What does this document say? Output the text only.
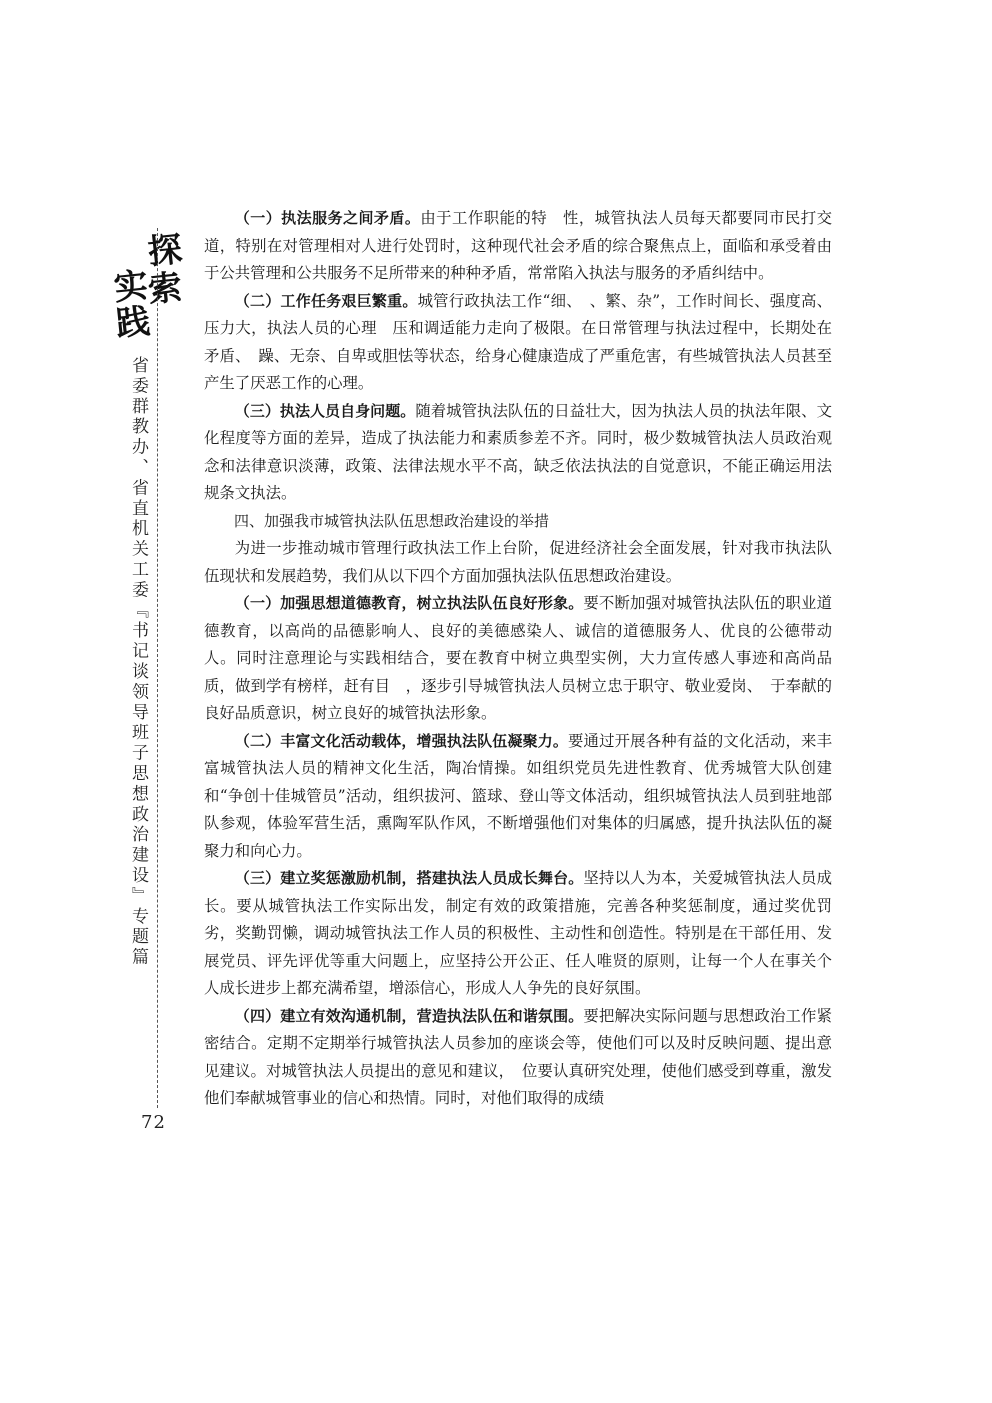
探
索
实
践
省委群教办、省直机关工委『书记谈领导班子思想政治建设』专题篇
72

（一）执法服务之间矛盾。由于工作职能的特　性，城管执法人员每天都要同市民打交道，特别在对管理相对人进行处罚时，这种现代社会矛盾的综合聚焦点上，面临和承受着由于公共管理和公共服务不足所带来的种种矛盾，常常陷入执法与服务的矛盾纠结中。

（二）工作任务艰巨繁重。城管行政执法工作“细、　、繁、杂”，工作时间长、强度高、压力大，执法人员的心理　压和调适能力走向了极限。在日常管理与执法过程中，长期处在矛盾、　躁、无奈、自卑或胆怯等状态，给身心健康造成了严重危害，有些城管执法人员甚至产生了厌恶工作的心理。

（三）执法人员自身问题。随着城管执法队伍的日益壮大，因为执法人员的执法年限、文化程度等方面的差异，造成了执法能力和素质参差不齐。同时，极少数城管执法人员政治观念和法律意识淡薄，政策、法律法规水平不高，缺乏依法执法的自觉意识，不能正确运用法规条文执法。

四、加强我市城管执法队伍思想政治建设的举措

为进一步推动城市管理行政执法工作上台阶，促进经济社会全面发展，针对我市执法队伍现状和发展趋势，我们从以下四个方面加强执法队伍思想政治建设。

（一）加强思想道德教育，树立执法队伍良好形象。要不断加强对城管执法队伍的职业道德教育，以高尚的品德影响人、良好的美德感染人、诚信的道德服务人、优良的公德带动人。同时注意理论与实践相结合，要在教育中树立典型实例，大力宣传感人事迹和高尚品质，做到学有榜样，赶有目　，逐步引导城管执法人员树立忠于职守、敬业爱岗、　于奉献的良好品质意识，树立良好的城管执法形象。

（二）丰富文化活动载体，增强执法队伍凝聚力。要通过开展各种有益的文化活动，来丰富城管执法人员的精神文化生活，陶冶情操。如组织党员先进性教育、优秀城管大队创建和“争创十佳城管员”活动，组织拔河、篮球、登山等文体活动，组织城管执法人员到驻地部队参观，体验军营生活，熏陶军队作风，不断增强他们对集体的归属感，提升执法队伍的凝聚力和向心力。

（三）建立奖惩激励机制，搭建执法人员成长舞台。坚持以人为本，关爱城管执法人员成长。要从城管执法工作实际出发，制定有效的政策措施，完善各种奖惩制度，通过奖优罚劣，奖勤罚懒，调动城管执法工作人员的积极性、主动性和创造性。特别是在干部任用、发展党员、评先评优等重大问题上，应坚持公开公正、任人唯贤的原则，让每一个人在事关个人成长进步上都充满希望，增添信心，形成人人争先的良好氛围。

（四）建立有效沟通机制，营造执法队伍和谐氛围。要把解决实际问题与思想政治工作紧密结合。定期不定期举行城管执法人员参加的座谈会等，使他们可以及时反映问题、提出意见建议。对城管执法人员提出的意见和建议，　位要认真研究处理，使他们感受到尊重，激发他们奉献城管事业的信心和热情。同时，对他们取得的成绩
